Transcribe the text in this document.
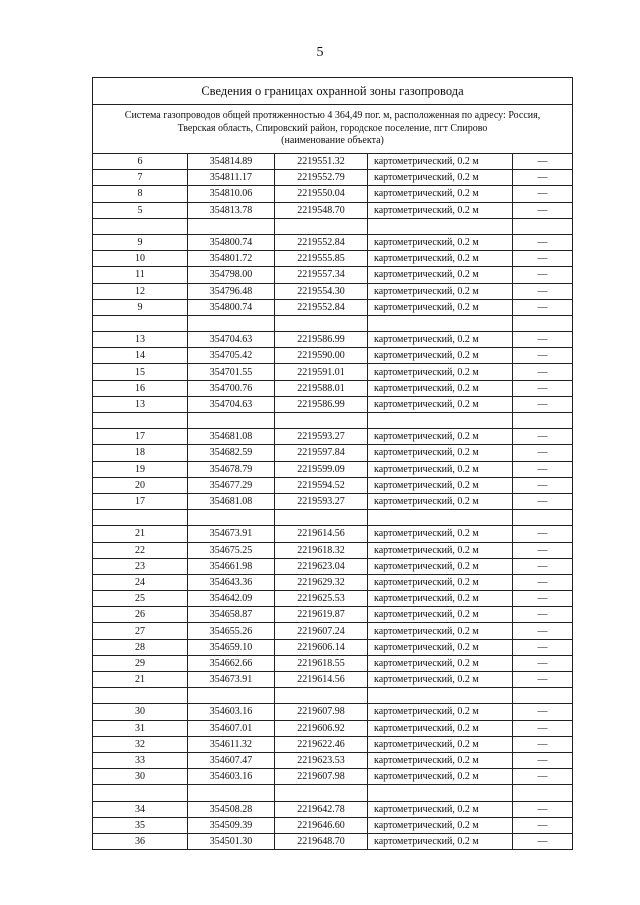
5
Сведения о границах охранной зоны газопровода				

Система газопроводов общей протяженностью 4 364,49 пог. м, расположенная по адресу: Россия,
Тверская область, Спировский район, городское поселение, пгт Спирово
(наименование объекта)				

6	354814.89	2219551.32	картометрический, 0.2 м	—
7	354811.17	2219552.79	картометрический, 0.2 м	—
8	354810.06	2219550.04	картометрический, 0.2 м	—
5	354813.78	2219548.70	картометрический, 0.2 м	—

9	354800.74	2219552.84	картометрический, 0.2 м	—
10	354801.72	2219555.85	картометрический, 0.2 м	—
11	354798.00	2219557.34	картометрический, 0.2 м	—
12	354796.48	2219554.30	картометрический, 0.2 м	—
9	354800.74	2219552.84	картометрический, 0.2 м	—

13	354704.63	2219586.99	картометрический, 0.2 м	—
14	354705.42	2219590.00	картометрический, 0.2 м	—
15	354701.55	2219591.01	картометрический, 0.2 м	—
16	354700.76	2219588.01	картометрический, 0.2 м	—
13	354704.63	2219586.99	картометрический, 0.2 м	—

17	354681.08	2219593.27	картометрический, 0.2 м	—
18	354682.59	2219597.84	картометрический, 0.2 м	—
19	354678.79	2219599.09	картометрический, 0.2 м	—
20	354677.29	2219594.52	картометрический, 0.2 м	—
17	354681.08	2219593.27	картометрический, 0.2 м	—

21	354673.91	2219614.56	картометрический, 0.2 м	—
22	354675.25	2219618.32	картометрический, 0.2 м	—
23	354661.98	2219623.04	картометрический, 0.2 м	—
24	354643.36	2219629.32	картометрический, 0.2 м	—
25	354642.09	2219625.53	картометрический, 0.2 м	—
26	354658.87	2219619.87	картометрический, 0.2 м	—
27	354655.26	2219607.24	картометрический, 0.2 м	—
28	354659.10	2219606.14	картометрический, 0.2 м	—
29	354662.66	2219618.55	картометрический, 0.2 м	—
21	354673.91	2219614.56	картометрический, 0.2 м	—

30	354603.16	2219607.98	картометрический, 0.2 м	—
31	354607.01	2219606.92	картометрический, 0.2 м	—
32	354611.32	2219622.46	картометрический, 0.2 м	—
33	354607.47	2219623.53	картометрический, 0.2 м	—
30	354603.16	2219607.98	картометрический, 0.2 м	—

34	354508.28	2219642.78	картометрический, 0.2 м	—
35	354509.39	2219646.60	картометрический, 0.2 м	—
36	354501.30	2219648.70	картометрический, 0.2 м	—
